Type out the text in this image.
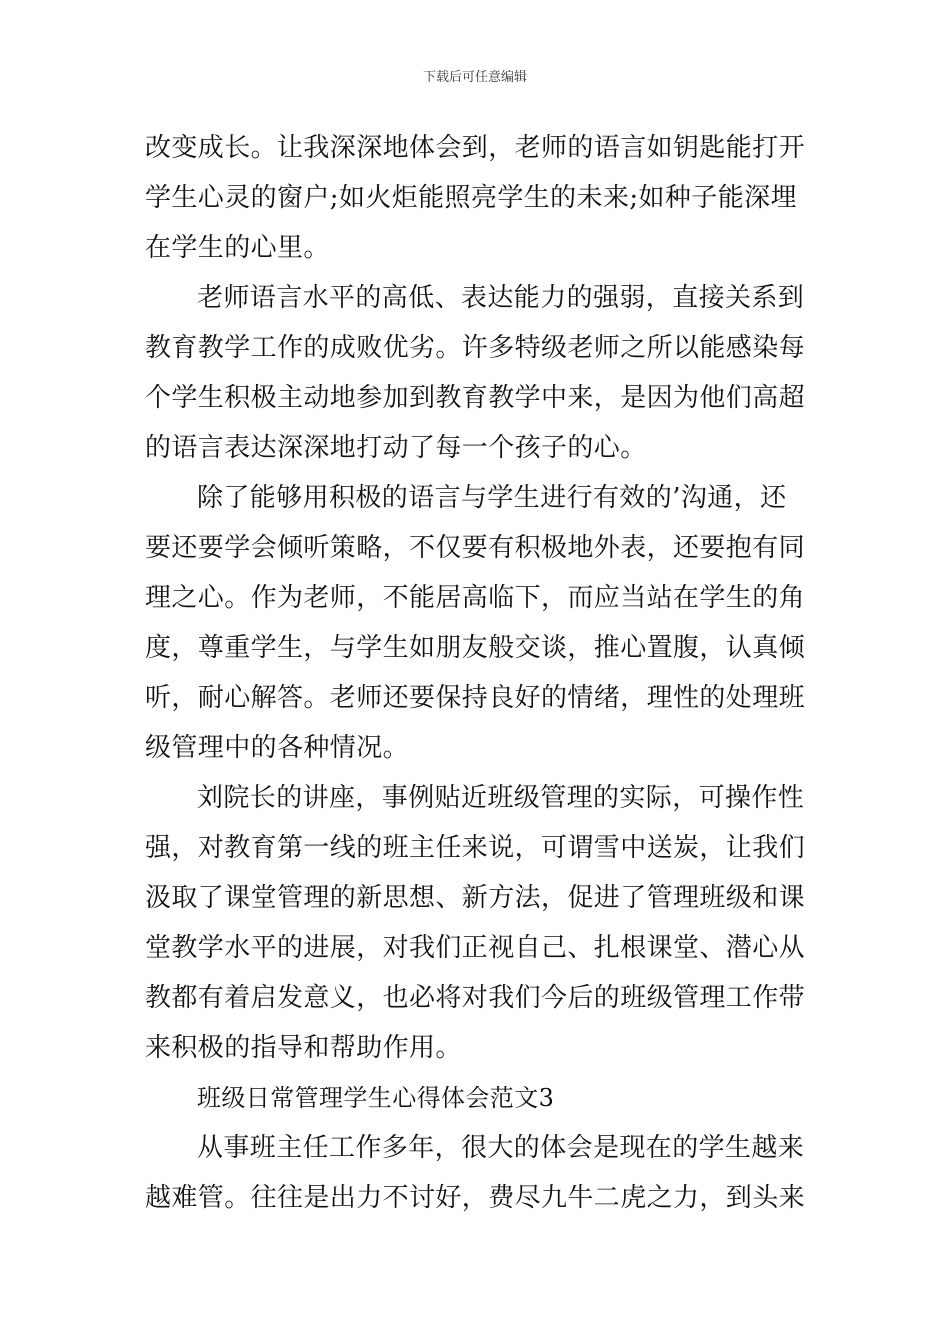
下载后可任意编辑
改变成长。让我深深地体会到，老师的语言如钥匙能打开
学生心灵的窗户;如火炬能照亮学生的未来;如种子能深埋
在学生的心里。
老师语言水平的高低、表达能力的强弱，直接关系到
教育教学工作的成败优劣。许多特级老师之所以能感染每
个学生积极主动地参加到教育教学中来，是因为他们高超
的语言表达深深地打动了每一个孩子的心。
除了能够用积极的语言与学生进行有效的’沟通，还
要还要学会倾听策略，不仅要有积极地外表，还要抱有同
理之心。作为老师，不能居高临下，而应当站在学生的角
度，尊重学生，与学生如朋友般交谈，推心置腹，认真倾
听，耐心解答。老师还要保持良好的情绪，理性的处理班
级管理中的各种情况。
刘院长的讲座，事例贴近班级管理的实际，可操作性
强，对教育第一线的班主任来说，可谓雪中送炭，让我们
汲取了课堂管理的新思想、新方法，促进了管理班级和课
堂教学水平的进展，对我们正视自己、扎根课堂、潜心从
教都有着启发意义，也必将对我们今后的班级管理工作带
来积极的指导和帮助作用。
班级日常管理学生心得体会范文3
从事班主任工作多年，很大的体会是现在的学生越来
越难管。往往是出力不讨好，费尽九牛二虎之力，到头来
